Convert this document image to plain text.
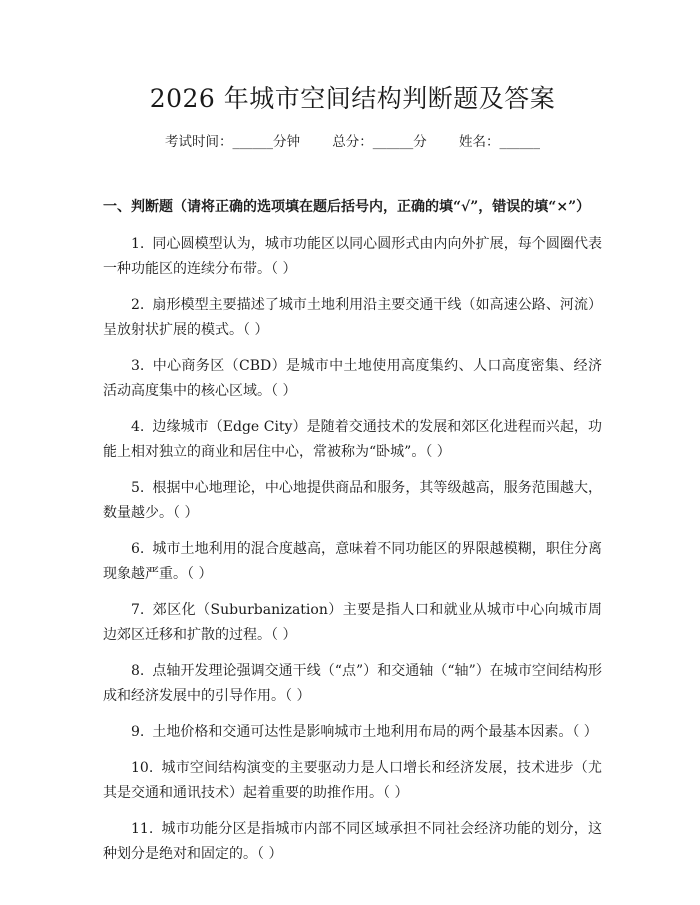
2026 年城市空间结构判断题及答案
考试时间：______分钟 总分：______分 姓名：______

一、判断题（请将正确的选项填在题后括号内，正确的填“√”，错误的填“×”）

1. 同心圆模型认为，城市功能区以同心圆形式由内向外扩展，每个圆圈代表一种功能区的连续分布带。（ ）

2. 扇形模型主要描述了城市土地利用沿主要交通干线（如高速公路、河流）呈放射状扩展的模式。（ ）

3. 中心商务区（CBD）是城市中土地使用高度集约、人口高度密集、经济活动高度集中的核心区域。（ ）

4. 边缘城市（Edge City）是随着交通技术的发展和郊区化进程而兴起，功能上相对独立的商业和居住中心，常被称为“卧城”。（ ）

5. 根据中心地理论，中心地提供商品和服务，其等级越高，服务范围越大，数量越少。（ ）

6. 城市土地利用的混合度越高，意味着不同功能区的界限越模糊，职住分离现象越严重。（ ）

7. 郊区化（Suburbanization）主要是指人口和就业从城市中心向城市周边郊区迁移和扩散的过程。（ ）

8. 点轴开发理论强调交通干线（“点”）和交通轴（“轴”）在城市空间结构形成和经济发展中的引导作用。（ ）

9. 土地价格和交通可达性是影响城市土地利用布局的两个最基本因素。（ ）

10. 城市空间结构演变的主要驱动力是人口增长和经济发展，技术进步（尤其是交通和通讯技术）起着重要的助推作用。（ ）

11. 城市功能分区是指城市内部不同区域承担不同社会经济功能的划分，这种划分是绝对和固定的。（ ）
